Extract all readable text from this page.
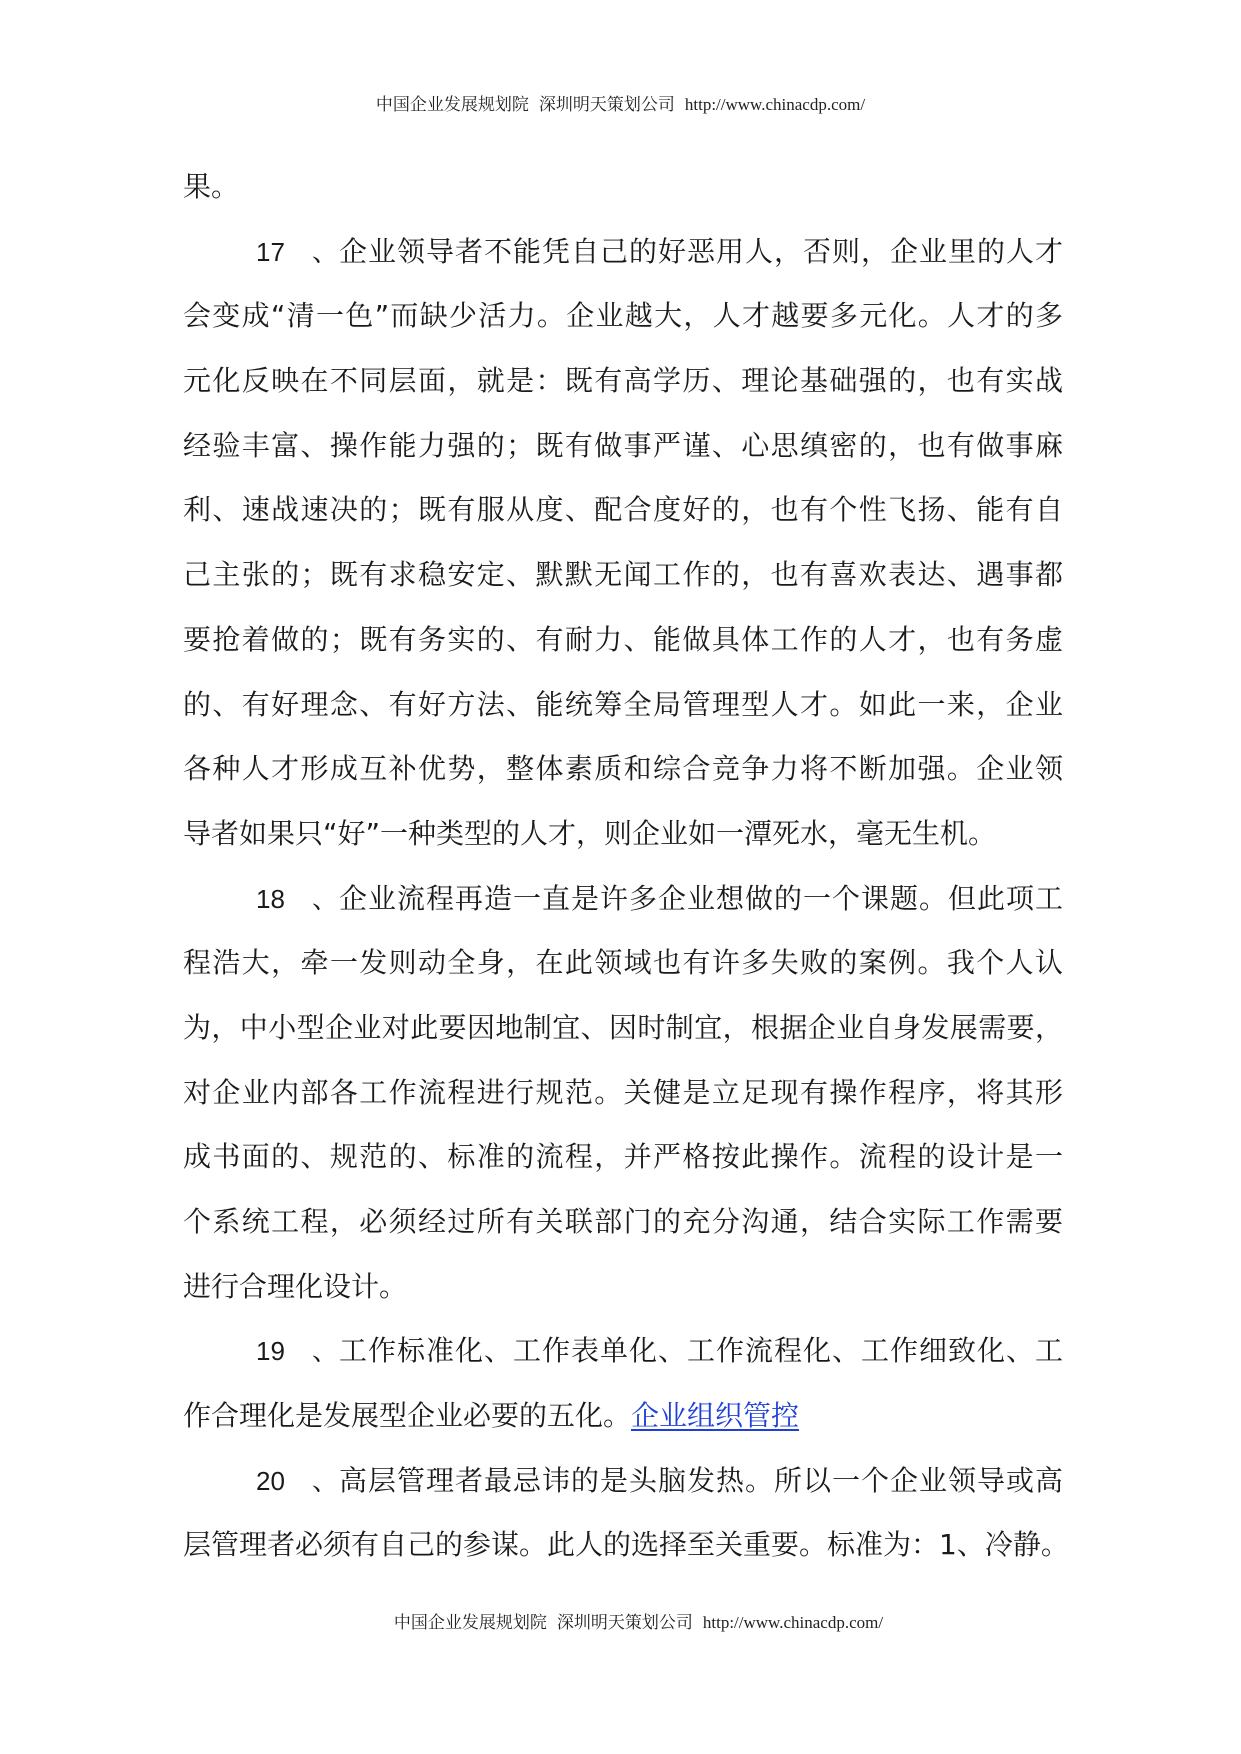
中国企业发展规划院 深圳明天策划公司 http://www.chinacdp.com/
果。
17、企业领导者不能凭自己的好恶用人，否则，企业里的人才
会变成“清一色”而缺少活力。企业越大，人才越要多元化。人才的多
元化反映在不同层面，就是：既有高学历、理论基础强的，也有实战
经验丰富、操作能力强的；既有做事严谨、心思缜密的，也有做事麻
利、速战速决的；既有服从度、配合度好的，也有个性飞扬、能有自
己主张的；既有求稳安定、默默无闻工作的，也有喜欢表达、遇事都
要抢着做的；既有务实的、有耐力、能做具体工作的人才，也有务虚
的、有好理念、有好方法、能统筹全局管理型人才。如此一来，企业
各种人才形成互补优势，整体素质和综合竞争力将不断加强。企业领
导者如果只“好”一种类型的人才，则企业如一潭死水，毫无生机。
18、企业流程再造一直是许多企业想做的一个课题。但此项工
程浩大，牵一发则动全身，在此领域也有许多失败的案例。我个人认
为，中小型企业对此要因地制宜、因时制宜，根据企业自身发展需要，
对企业内部各工作流程进行规范。关健是立足现有操作程序，将其形
成书面的、规范的、标准的流程，并严格按此操作。流程的设计是一
个系统工程，必须经过所有关联部门的充分沟通，结合实际工作需要
进行合理化设计。
19、工作标准化、工作表单化、工作流程化、工作细致化、工
作合理化是发展型企业必要的五化。企业组织管控
20、高层管理者最忌讳的是头脑发热。所以一个企业领导或高
层管理者必须有自己的参谋。此人的选择至关重要。标准为：1、冷静。
中国企业发展规划院 深圳明天策划公司 http://www.chinacdp.com/
